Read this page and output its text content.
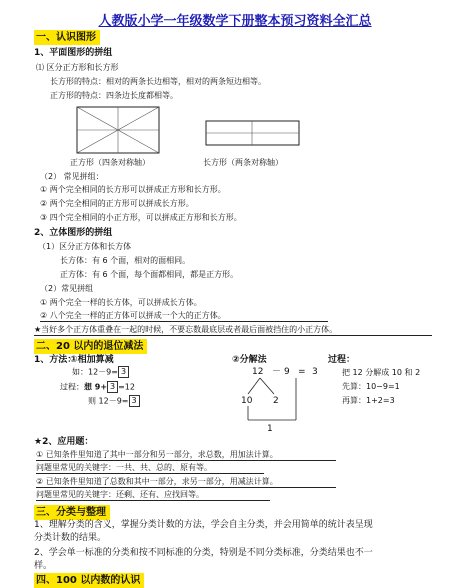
人教版小学一年级数学下册整本预习资料全汇总
一、认识图形
1、平面图形的拼组
⑴ 区分正方形和长方形
长方形的特点：相对的两条长边相等，相对的两条短边相等。
正方形的特点：四条边长度都相等。
正方形（四条对称轴）	长方形（两条对称轴）
（2） 常见拼组：
① 两个完全相同的长方形可以拼成正方形和长方形。
② 两个完全相同的正方形可以拼成长方形。
③ 四个完全相同的小正方形，可以拼成正方形和长方形。
2、立体图形的拼组
（1）区分正方体和长方体
长方体：有 6 个面，相对的面相同。
正方体：有 6 个面，每个面都相同，都是正方形。
（2）常见拼组
① 两个完全一样的长方体，可以拼成长方体。
② 八个完全一样的正方体可以拼成一个大的正方体。
★当好多个正方体重叠在一起的时候，不要忘数最底层或者最后面被挡住的小正方体。
二、20 以内的退位减法
1、方法：
①相加算减	②分解法	过程：
如：12－9= 3
过程：想 9+ 3 =12
则 12－9= 3
12 － 9 = 3
10 2
1
把 12 分解成 10 和 2
先算：10−9=1
再算：1+2=3
★2、应用题：
① 已知条件里知道了其中一部分和另一部分，求总数，用加法计算。
问题里常见的关键字：一共、共、总的、原有等。
② 已知条件里知道了总数和其中一部分，求另一部分，用减法计算。
问题里常见的关键字：还剩、还有、应找回等。
三、分类与整理
1、理解分类的含义，掌握分类计数的方法，学会自主分类，并会用简单的统计表呈现
分类计数的结果。
2、学会单一标准的分类和按不同标准的分类，特别是不同分类标准，分类结果也不一
样。
四、100 以内数的认识
